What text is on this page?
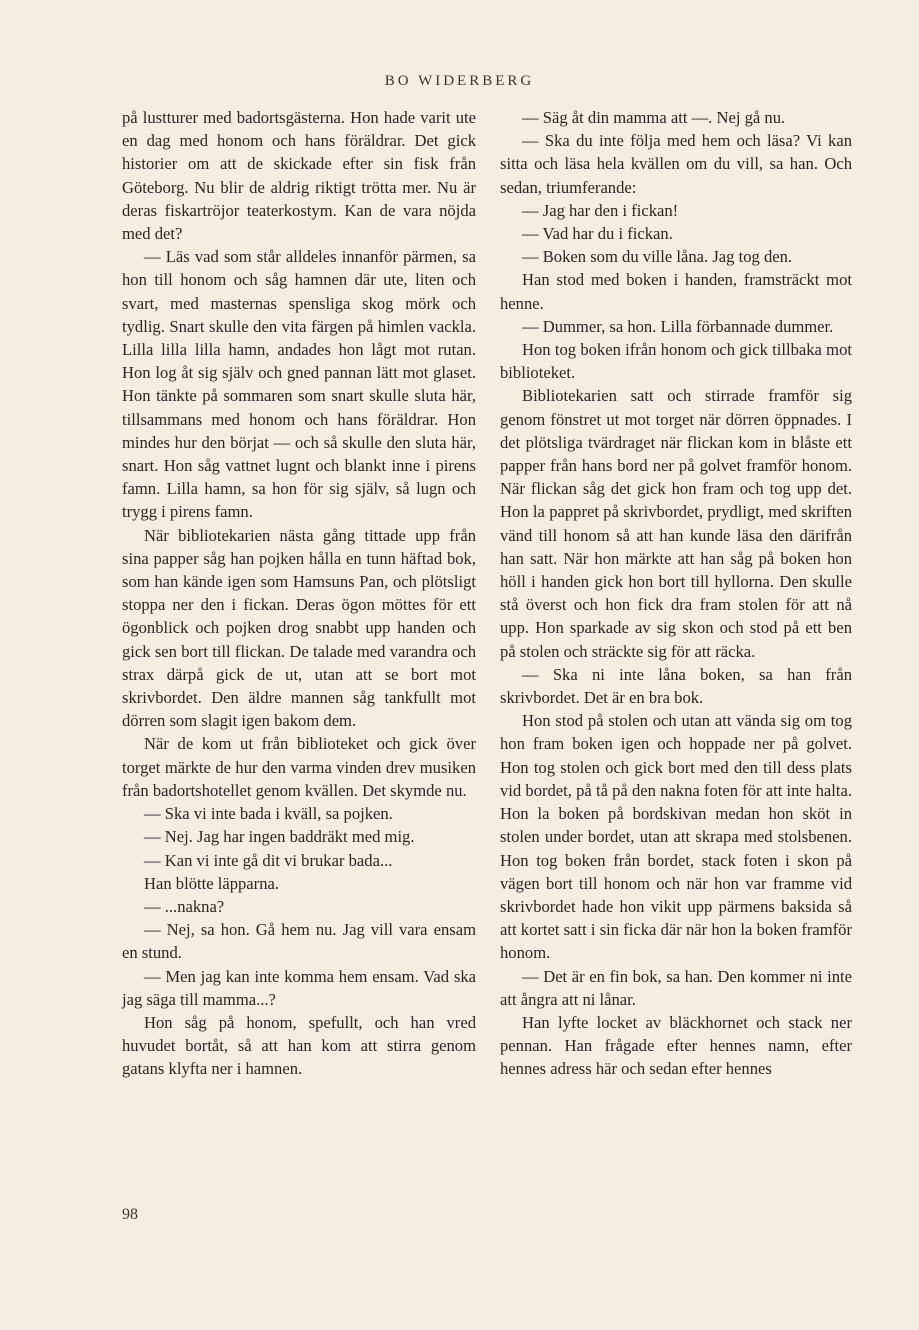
BO WIDERBERG

på lustturer med badortsgästerna. Hon hade varit ute en dag med honom och hans föräldrar. Det gick historier om att de skickade efter sin fisk från Göteborg. Nu blir de aldrig riktigt trötta mer. Nu är deras fiskartröjor teaterkostym. Kan de vara nöjda med det?

— Läs vad som står alldeles innanför pärmen, sa hon till honom och såg hamnen där ute, liten och svart, med masternas spensliga skog mörk och tydlig. Snart skulle den vita färgen på himlen vackla. Lilla lilla lilla hamn, andades hon lågt mot rutan. Hon log åt sig själv och gned pannan lätt mot glaset. Hon tänkte på sommaren som snart skulle sluta här, tillsammans med honom och hans föräldrar. Hon mindes hur den börjat — och så skulle den sluta här, snart. Hon såg vattnet lugnt och blankt inne i pirens famn. Lilla hamn, sa hon för sig själv, så lugn och trygg i pirens famn.

När bibliotekarien nästa gång tittade upp från sina papper såg han pojken hålla en tunn häftad bok, som han kände igen som Hamsuns Pan, och plötsligt stoppa ner den i fickan. Deras ögon möttes för ett ögonblick och pojken drog snabbt upp handen och gick sen bort till flickan. De talade med varandra och strax därpå gick de ut, utan att se bort mot skrivbordet. Den äldre mannen såg tankfullt mot dörren som slagit igen bakom dem.

När de kom ut från biblioteket och gick över torget märkte de hur den varma vinden drev musiken från badortshotellet genom kvällen. Det skymde nu.

— Ska vi inte bada i kväll, sa pojken.

— Nej. Jag har ingen baddräkt med mig.

— Kan vi inte gå dit vi brukar bada...

Han blötte läpparna.

— ...nakna?

— Nej, sa hon. Gå hem nu. Jag vill vara ensam en stund.

— Men jag kan inte komma hem ensam. Vad ska jag säga till mamma...?

Hon såg på honom, spefullt, och han vred huvudet bortåt, så att han kom att stirra genom gatans klyfta ner i hamnen.

— Säg åt din mamma att —. Nej gå nu.

— Ska du inte följa med hem och läsa? Vi kan sitta och läsa hela kvällen om du vill, sa han. Och sedan, triumferande:

— Jag har den i fickan!

— Vad har du i fickan.

— Boken som du ville låna. Jag tog den.

Han stod med boken i handen, framsträckt mot henne.

— Dummer, sa hon. Lilla förbannade dummer.

Hon tog boken ifrån honom och gick tillbaka mot biblioteket.

Bibliotekarien satt och stirrade framför sig genom fönstret ut mot torget när dörren öppnades. I det plötsliga tvärdraget när flickan kom in blåste ett papper från hans bord ner på golvet framför honom. När flickan såg det gick hon fram och tog upp det. Hon la pappret på skrivbordet, prydligt, med skriften vänd till honom så att han kunde läsa den därifrån han satt. När hon märkte att han såg på boken hon höll i handen gick hon bort till hyllorna. Den skulle stå överst och hon fick dra fram stolen för att nå upp. Hon sparkade av sig skon och stod på ett ben på stolen och sträckte sig för att räcka.

— Ska ni inte låna boken, sa han från skrivbordet. Det är en bra bok.

Hon stod på stolen och utan att vända sig om tog hon fram boken igen och hoppade ner på golvet. Hon tog stolen och gick bort med den till dess plats vid bordet, på tå på den nakna foten för att inte halta. Hon la boken på bordskivan medan hon sköt in stolen under bordet, utan att skrapa med stolsbenen. Hon tog boken från bordet, stack foten i skon på vägen bort till honom och när hon var framme vid skrivbordet hade hon vikit upp pärmens baksida så att kortet satt i sin ficka där när hon la boken framför honom.

— Det är en fin bok, sa han. Den kommer ni inte att ångra att ni lånar.

Han lyfte locket av bläckhornet och stack ner pennan. Han frågade efter hennes namn, efter hennes adress här och sedan efter hennes

98
